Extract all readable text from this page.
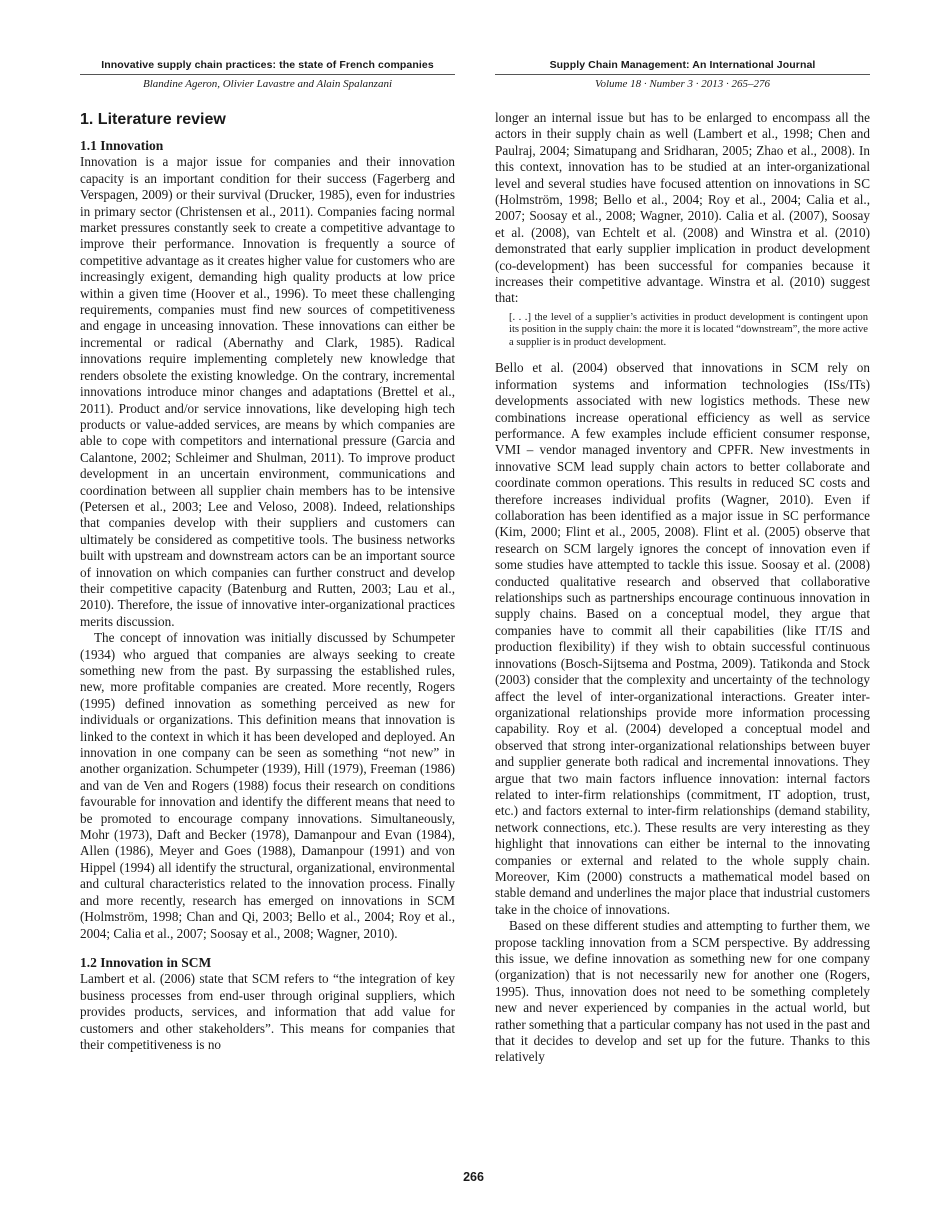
Innovative supply chain practices: the state of French companies
Blandine Ageron, Olivier Lavastre and Alain Spalanzani
Supply Chain Management: An International Journal
Volume 18 · Number 3 · 2013 · 265–276
1. Literature review
1.1 Innovation

Innovation is a major issue for companies and their innovation capacity is an important condition for their success (Fagerberg and Verspagen, 2009) or their survival (Drucker, 1985), even for industries in primary sector (Christensen et al., 2011). Companies facing normal market pressures constantly seek to create a competitive advantage to improve their performance. Innovation is frequently a source of competitive advantage as it creates higher value for customers who are increasingly exigent, demanding high quality products at low price within a given time (Hoover et al., 1996). To meet these challenging requirements, companies must find new sources of competitiveness and engage in unceasing innovation. These innovations can either be incremental or radical (Abernathy and Clark, 1985). Radical innovations require implementing completely new knowledge that renders obsolete the existing knowledge. On the contrary, incremental innovations introduce minor changes and adaptations (Brettel et al., 2011). Product and/or service innovations, like developing high tech products or value-added services, are means by which companies are able to cope with competitors and international pressure (Garcia and Calantone, 2002; Schleimer and Shulman, 2011). To improve product development in an uncertain environment, communications and coordination between all supplier chain members has to be intensive (Petersen et al., 2003; Lee and Veloso, 2008). Indeed, relationships that companies develop with their suppliers and customers can ultimately be considered as competitive tools. The business networks built with upstream and downstream actors can be an important source of innovation on which companies can further construct and develop their competitive capacity (Batenburg and Rutten, 2003; Lau et al., 2010). Therefore, the issue of innovative inter-organizational practices merits discussion.

The concept of innovation was initially discussed by Schumpeter (1934) who argued that companies are always seeking to create something new from the past. By surpassing the established rules, new, more profitable companies are created. More recently, Rogers (1995) defined innovation as something perceived as new for individuals or organizations. This definition means that innovation is linked to the context in which it has been developed and deployed. An innovation in one company can be seen as something “not new” in another organization. Schumpeter (1939), Hill (1979), Freeman (1986) and van de Ven and Rogers (1988) focus their research on conditions favourable for innovation and identify the different means that need to be promoted to encourage company innovations. Simultaneously, Mohr (1973), Daft and Becker (1978), Damanpour and Evan (1984), Allen (1986), Meyer and Goes (1988), Damanpour (1991) and von Hippel (1994) all identify the structural, organizational, environmental and cultural characteristics related to the innovation process. Finally and more recently, research has emerged on innovations in SCM (Holmström, 1998; Chan and Qi, 2003; Bello et al., 2004; Roy et al., 2004; Calia et al., 2007; Soosay et al., 2008; Wagner, 2010).

1.2 Innovation in SCM

Lambert et al. (2006) state that SCM refers to “the integration of key business processes from end-user through original suppliers, which provides products, services, and information that add value for customers and other stakeholders”. This means for companies that their competitiveness is no

longer an internal issue but has to be enlarged to encompass all the actors in their supply chain as well (Lambert et al., 1998; Chen and Paulraj, 2004; Simatupang and Sridharan, 2005; Zhao et al., 2008). In this context, innovation has to be studied at an inter-organizational level and several studies have focused attention on innovations in SC (Holmström, 1998; Bello et al., 2004; Roy et al., 2004; Calia et al., 2007; Soosay et al., 2008; Wagner, 2010). Calia et al. (2007), Soosay et al. (2008), van Echtelt et al. (2008) and Winstra et al. (2010) demonstrated that early supplier implication in product development (co-development) has been successful for companies because it increases their competitive advantage. Winstra et al. (2010) suggest that:

[. . .] the level of a supplier’s activities in product development is contingent upon its position in the supply chain: the more it is located “downstream”, the more active a supplier is in product development.

Bello et al. (2004) observed that innovations in SCM rely on information systems and information technologies (ISs/ITs) developments associated with new logistics methods. These new combinations increase operational efficiency as well as service performance. A few examples include efficient consumer response, VMI – vendor managed inventory and CPFR. New investments in innovative SCM lead supply chain actors to better collaborate and coordinate common operations. This results in reduced SC costs and therefore increases individual profits (Wagner, 2010). Even if collaboration has been identified as a major issue in SC performance (Kim, 2000; Flint et al., 2005, 2008). Flint et al. (2005) observe that research on SCM largely ignores the concept of innovation even if some studies have attempted to tackle this issue. Soosay et al. (2008) conducted qualitative research and observed that collaborative relationships such as partnerships encourage continuous innovation in supply chains. Based on a conceptual model, they argue that companies have to commit all their capabilities (like IT/IS and production flexibility) if they wish to obtain successful continuous innovations (Bosch-Sijtsema and Postma, 2009). Tatikonda and Stock (2003) consider that the complexity and uncertainty of the technology affect the level of inter-organizational interactions. Greater inter-organizational relationships provide more information processing capability. Roy et al. (2004) developed a conceptual model and observed that strong inter-organizational relationships between buyer and supplier generate both radical and incremental innovations. They argue that two main factors influence innovation: internal factors related to inter-firm relationships (commitment, IT adoption, trust, etc.) and factors external to inter-firm relationships (demand stability, network connections, etc.). These results are very interesting as they highlight that innovations can either be internal to the innovating companies or external and related to the whole supply chain. Moreover, Kim (2000) constructs a mathematical model based on stable demand and underlines the major place that industrial customers take in the choice of innovations.

Based on these different studies and attempting to further them, we propose tackling innovation from a SCM perspective. By addressing this issue, we define innovation as something new for one company (organization) that is not necessarily new for another one (Rogers, 1995). Thus, innovation does not need to be something completely new and never experienced by companies in the actual world, but rather something that a particular company has not used in the past and that it decides to develop and set up for the future. Thanks to this relatively

266
